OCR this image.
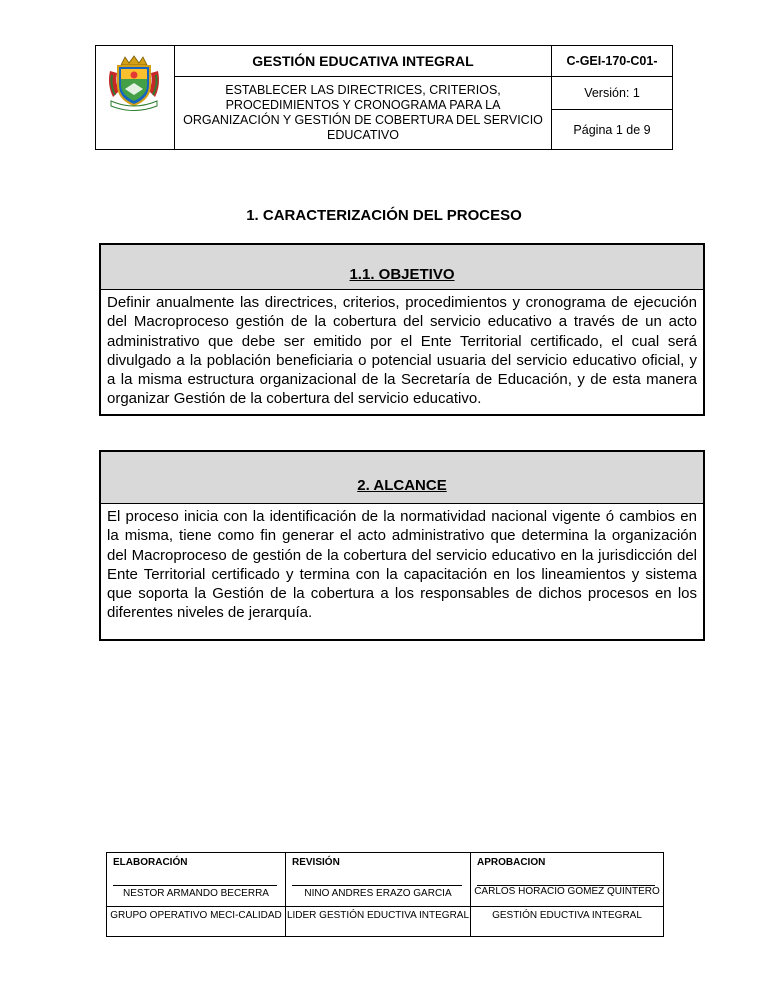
GESTIÓN EDUCATIVA INTEGRAL
ESTABLECER LAS DIRECTRICES, CRITERIOS, PROCEDIMIENTOS Y CRONOGRAMA PARA LA ORGANIZACIÓN Y GESTIÓN DE COBERTURA DEL SERVICIO EDUCATIVO
C-GEI-170-C01-
Versión: 1
Página 1 de 9
1. CARACTERIZACIÓN DEL PROCESO
1.1. OBJETIVO
Definir anualmente las directrices, criterios, procedimientos y cronograma de ejecución del Macroproceso gestión de la cobertura del servicio educativo a través de un acto administrativo que debe ser emitido por el Ente Territorial certificado, el cual será divulgado a la población beneficiaria o potencial usuaria del servicio educativo oficial, y a la misma estructura organizacional de la Secretaría de Educación, y de esta manera organizar Gestión de la cobertura del servicio educativo.
2. ALCANCE
El proceso inicia con la identificación de la normatividad nacional vigente ó cambios en la misma, tiene como fin generar el acto administrativo que determina la organización del Macroproceso de gestión de la cobertura del servicio educativo en la jurisdicción del Ente Territorial certificado y termina con la capacitación en los lineamientos y sistema que soporta la Gestión de la cobertura a los responsables de dichos procesos en los diferentes niveles de jerarquía.
ELABORACIÓN
NESTOR ARMANDO BECERRA
GRUPO OPERATIVO MECI-CALIDAD
REVISIÓN
NINO ANDRES ERAZO GARCIA
LIDER GESTIÓN EDUCTIVA INTEGRAL
APROBACION
CARLOS HORACIO GOMEZ QUINTERO
GESTIÓN EDUCTIVA INTEGRAL
